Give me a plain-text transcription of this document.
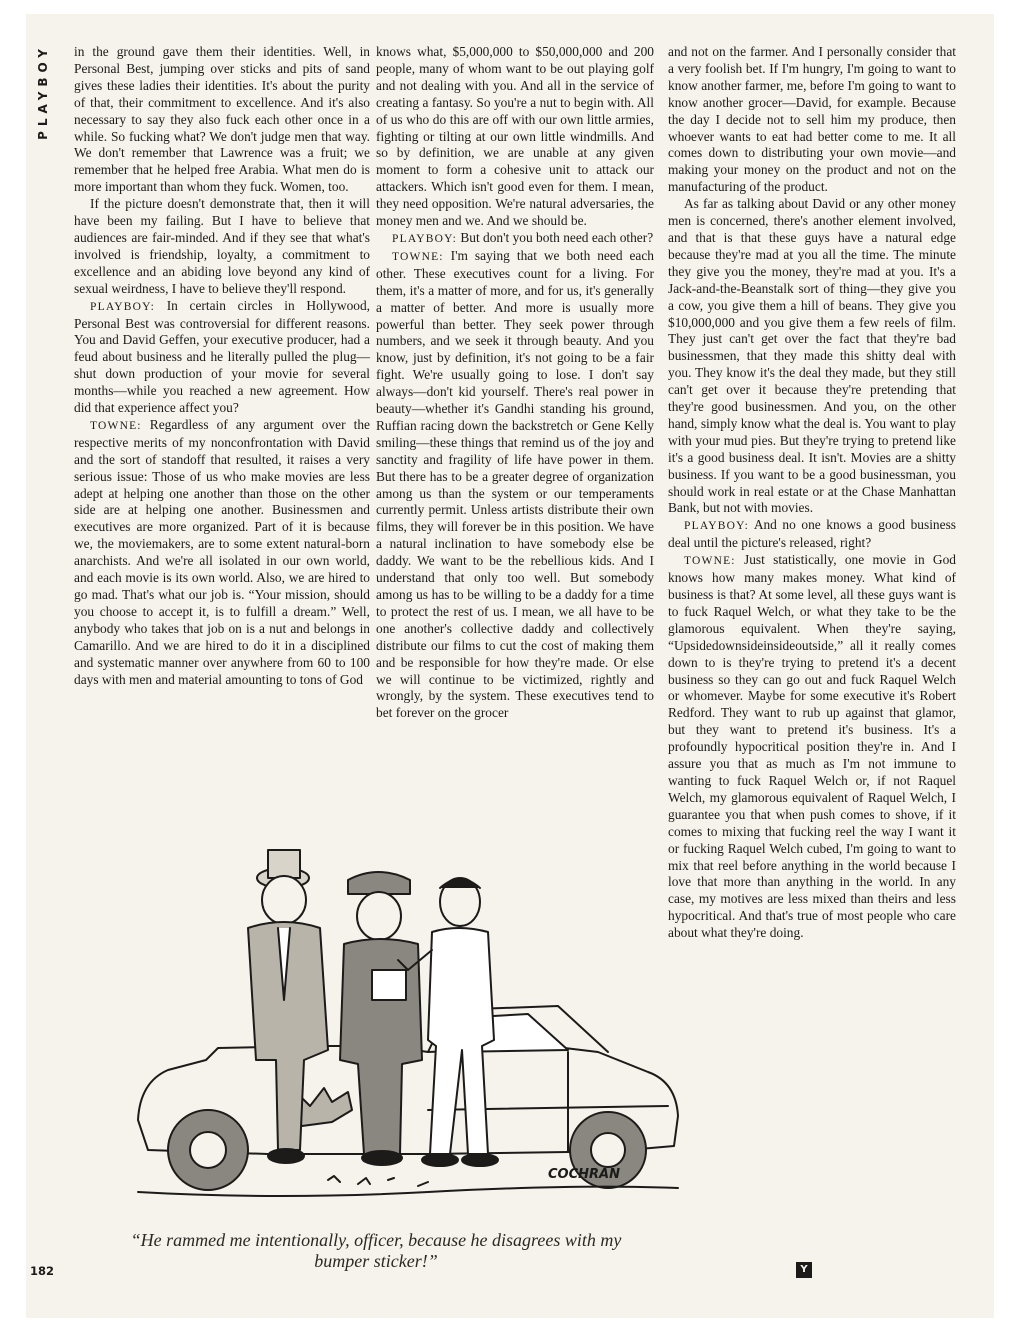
PLAYBOY	in the ground gave them their identities. Well, in Personal Best, jumping over sticks and pits of sand gives these ladies their identities. It's about the purity of that, their commitment to excellence. And it's also necessary to say they also fuck each other once in a while. So fucking what? We don't judge men that way. We don't remember that Lawrence was a fruit; we remember that he helped free Arabia. What men do is more important than whom they fuck. Women, too.

If the picture doesn't demonstrate that, then it will have been my failing. But I have to believe that audiences are fair-minded. And if they see that what's involved is friendship, loyalty, a commitment to excellence and an abiding love beyond any kind of sexual weirdness, I have to believe they'll respond.

PLAYBOY: In certain circles in Hollywood, Personal Best was controversial for different reasons. You and David Geffen, your executive producer, had a feud about business and he literally pulled the plug—shut down production of your movie for several months—while you reached a new agreement. How did that experience affect you?

TOWNE: Regardless of any argument over the respective merits of my nonconfrontation with David and the sort of standoff that resulted, it raises a very serious issue: Those of us who make movies are less adept at helping one another than those on the other side are at helping one another. Businessmen and executives are more organized. Part of it is because we, the moviemakers, are to some extent natural-born anarchists. And we're all isolated in our own world, and each movie is its own world. Also, we are hired to go mad. That's what our job is. “Your mission, should you choose to accept it, is to fulfill a dream.” Well, anybody who takes that job on is a nut and belongs in Camarillo. And we are hired to do it in a disciplined and systematic manner over anywhere from 60 to 100 days with men and material amounting to tons of God

knows what, $5,000,000 to $50,000,000 and 200 people, many of whom want to be out playing golf and not dealing with you. And all in the service of creating a fantasy. So you're a nut to begin with. All of us who do this are off with our own little armies, fighting or tilting at our own little windmills. And so by definition, we are unable at any given moment to form a cohesive unit to attack our attackers. Which isn't good even for them. I mean, they need opposition. We're natural adversaries, the money men and we. And we should be.

PLAYBOY: But don't you both need each other?

TOWNE: I'm saying that we both need each other. These executives count for a living. For them, it's a matter of more, and for us, it's generally a matter of better. And more is usually more powerful than better. They seek power through numbers, and we seek it through beauty. And you know, just by definition, it's not going to be a fair fight. We're usually going to lose. I don't say always—don't kid yourself. There's real power in beauty—whether it's Gandhi standing his ground, Ruffian racing down the backstretch or Gene Kelly smiling—these things that remind us of the joy and sanctity and fragility of life have power in them. But there has to be a greater degree of organization among us than the system or our temperaments currently permit. Unless artists distribute their own films, they will forever be in this position. We have a natural inclination to have somebody else be daddy. We want to be the rebellious kids. And I understand that only too well. But somebody among us has to be willing to be a daddy for a time to protect the rest of us. I mean, we all have to be one another's collective daddy and collectively distribute our films to cut the cost of making them and be responsible for how they're made. Or else we will continue to be victimized, rightly and wrongly, by the system. These executives tend to bet forever on the grocer

and not on the farmer. And I personally consider that a very foolish bet. If I'm hungry, I'm going to want to know another farmer, me, before I'm going to want to know another grocer—David, for example. Because the day I decide not to sell him my produce, then whoever wants to eat had better come to me. It all comes down to distributing your own movie—and making your money on the product and not on the manufacturing of the product.

As far as talking about David or any other money men is concerned, there's another element involved, and that is that these guys have a natural edge because they're mad at you all the time. The minute they give you the money, they're mad at you. It's a Jack-and-the-Beanstalk sort of thing—they give you a cow, you give them a hill of beans. They give you $10,000,000 and you give them a few reels of film. They just can't get over the fact that they're bad businessmen, that they made this shitty deal with you. They know it's the deal they made, but they still can't get over it because they're pretending that they're good businessmen. And you, on the other hand, simply know what the deal is. You want to play with your mud pies. But they're trying to pretend like it's a good business deal. It isn't. Movies are a shitty business. If you want to be a good businessman, you should work in real estate or at the Chase Manhattan Bank, but not with movies.

PLAYBOY: And no one knows a good business deal until the picture's released, right?

TOWNE: Just statistically, one movie in God knows how many makes money. What kind of business is that? At some level, all these guys want is to fuck Raquel Welch, or what they take to be the glamorous equivalent. When they're saying, “Upsidedownsideinsideoutside,” all it really comes down to is they're trying to pretend it's a decent business so they can go out and fuck Raquel Welch or whomever. Maybe for some executive it's Robert Redford. They want to rub up against that glamor, but they want to pretend it's business. It's a profoundly hypocritical position they're in. And I assure you that as much as I'm not immune to wanting to fuck Raquel Welch or, if not Raquel Welch, my glamorous equivalent of Raquel Welch, I guarantee you that when push comes to shove, if it comes to mixing that fucking reel the way I want it or fucking Raquel Welch cubed, I'm going to want to mix that reel before anything in the world because I love that more than anything in the world. In any case, my motives are less mixed than theirs and less hypocritical. And that's true of most people who care about what they're doing.

COCHRAN
“He rammed me intentionally, officer, because he disagrees with my bumper sticker!”
182	Y
